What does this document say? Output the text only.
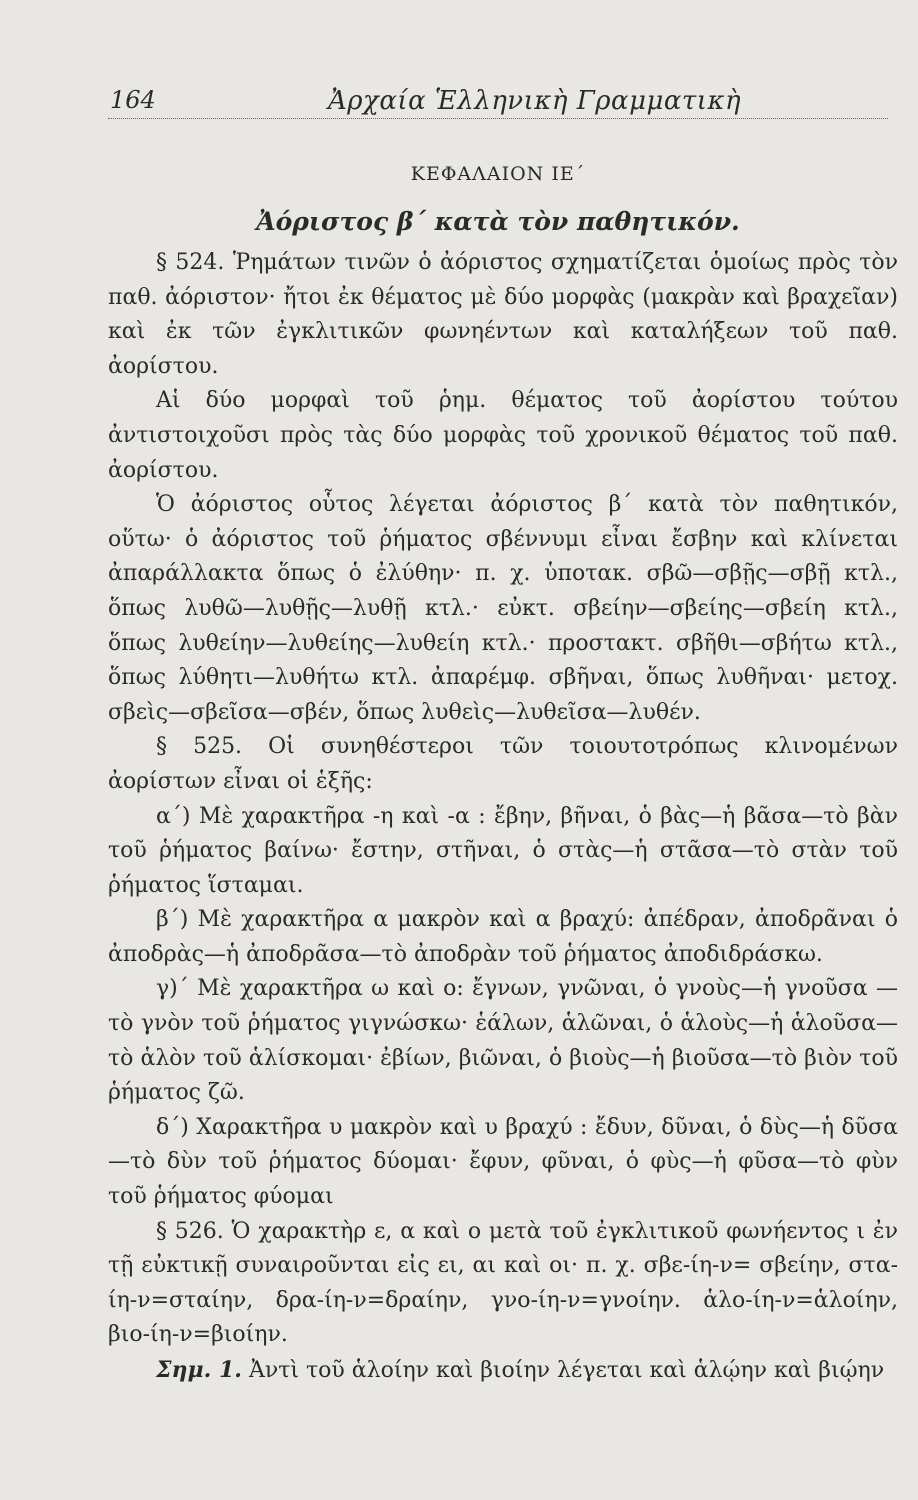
164	Ἀρχαία Ἑλληνικὴ Γραμματικὴ
ΚΕΦΑΛΑΙΟΝ ΙΕ΄
Ἀόριστος β΄ κατὰ τὸν παθητικόν.

§ 524. Ῥημάτων τινῶν ὁ ἀόριστος σχηματίζεται ὁμοίως πρὸς τὸν παθ. ἀόριστον· ἤτοι ἐκ θέματος μὲ δύο μορφὰς (μακρὰν καὶ βραχεῖαν) καὶ ἐκ τῶν ἐγκλιτικῶν φωνηέντων καὶ καταλήξεων τοῦ παθ. ἀορίστου.

Αἱ δύο μορφαὶ τοῦ ῥημ. θέματος τοῦ ἀορίστου τούτου ἀντιστοιχοῦσι πρὸς τὰς δύο μορφὰς τοῦ χρονικοῦ θέματος τοῦ παθ. ἀορίστου.

Ὁ ἀόριστος οὗτος λέγεται ἀόριστος β΄ κατὰ τὸν παθητικόν, οὕτω· ὁ ἀόριστος τοῦ ῥήματος σβέννυμι εἶναι ἔσβην καὶ κλίνεται ἀπαράλλακτα ὅπως ὁ ἐλύθην· π. χ. ὑποτακ. σβῶ—σβῇς—σβῇ κτλ., ὅπως λυθῶ—λυθῇς—λυθῇ κτλ.· εὐκτ. σβείην—σβείης—σβείη κτλ., ὅπως λυθείην—λυθείης—λυθείη κτλ.· προστακτ. σβῆθι—σβήτω κτλ., ὅπως λύθητι—λυθήτω κτλ. ἀπαρέμφ. σβῆναι, ὅπως λυθῆναι· μετοχ. σβεὶς—σβεῖσα—σβέν, ὅπως λυθεὶς—λυθεῖσα—λυθέν.

§ 525. Οἱ συνηθέστεροι τῶν τοιουτοτρόπως κλινομένων ἀορίστων εἶναι οἱ ἑξῆς:

α΄) Μὲ χαρακτῆρα -η καὶ -α : ἔβην, βῆναι, ὁ βὰς—ἡ βᾶσα—τὸ βὰν τοῦ ῥήματος βαίνω· ἔστην, στῆναι, ὁ στὰς—ἡ στᾶσα—τὸ στὰν τοῦ ῥήματος ἵσταμαι.

β΄) Μὲ χαρακτῆρα α μακρὸν καὶ α βραχύ: ἀπέδραν, ἀποδρᾶναι ὁ ἀποδρὰς—ἡ ἀποδρᾶσα—τὸ ἀποδρὰν τοῦ ῥήματος ἀποδιδράσκω.

γ)΄ Μὲ χαρακτῆρα ω καὶ ο: ἔγνων, γνῶναι, ὁ γνοὺς—ἡ γνοῦσα —τὸ γνὸν τοῦ ῥήματος γιγνώσκω· ἑάλων, ἁλῶναι, ὁ ἁλοὺς—ἡ ἁλοῦσα—τὸ ἁλὸν τοῦ ἁλίσκομαι· ἐβίων, βιῶναι, ὁ βιοὺς—ἡ βιοῦσα—τὸ βιὸν τοῦ ῥήματος ζῶ.

δ΄) Χαρακτῆρα υ μακρὸν καὶ υ βραχύ : ἔδυν, δῦναι, ὁ δὺς—ἡ δῦσα—τὸ δὺν τοῦ ῥήματος δύομαι· ἔφυν, φῦναι, ὁ φὺς—ἡ φῦσα—τὸ φὺν τοῦ ῥήματος φύομαι

§ 526. Ὁ χαρακτὴρ ε, α καὶ ο μετὰ τοῦ ἐγκλιτικοῦ φωνήεντος ι ἐν τῇ εὐκτικῇ συναιροῦνται εἰς ει, αι καὶ οι· π. χ. σβε-ίη-ν= σβείην, στα-ίη-ν=σταίην, δρα-ίη-ν=δραίην, γνο-ίη-ν=γνοίην. ἁλο-ίη-ν=ἁλοίην, βιο-ίη-ν=βιοίην.

Σημ. 1. Ἀντὶ τοῦ ἁλοίην καὶ βιοίην λέγεται καὶ ἁλῴην καὶ βιῴην
